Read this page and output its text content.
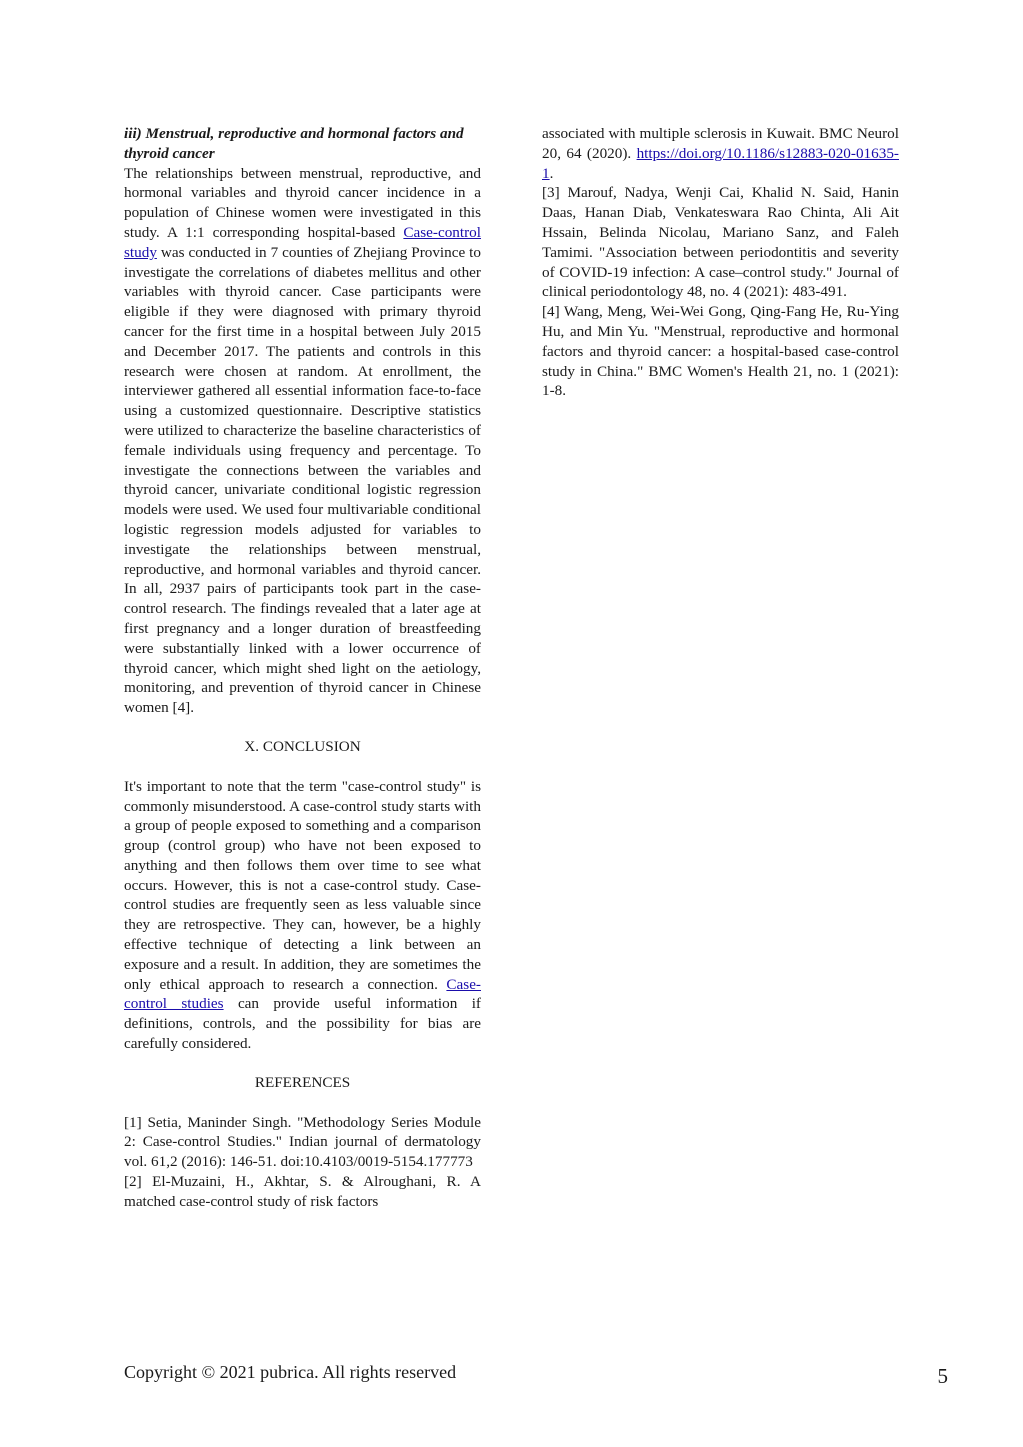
iii) Menstrual, reproductive and hormonal factors and thyroid cancer

The relationships between menstrual, reproductive, and hormonal variables and thyroid cancer incidence in a population of Chinese women were investigated in this study. A 1:1 corresponding hospital-based Case-control study was conducted in 7 counties of Zhejiang Province to investigate the correlations of diabetes mellitus and other variables with thyroid cancer. Case participants were eligible if they were diagnosed with primary thyroid cancer for the first time in a hospital between July 2015 and December 2017. The patients and controls in this research were chosen at random. At enrollment, the interviewer gathered all essential information face-to-face using a customized questionnaire. Descriptive statistics were utilized to characterize the baseline characteristics of female individuals using frequency and percentage. To investigate the connections between the variables and thyroid cancer, univariate conditional logistic regression models were used. We used four multivariable conditional logistic regression models adjusted for variables to investigate the relationships between menstrual, reproductive, and hormonal variables and thyroid cancer. In all, 2937 pairs of participants took part in the case-control research. The findings revealed that a later age at first pregnancy and a longer duration of breastfeeding were substantially linked with a lower occurrence of thyroid cancer, which might shed light on the aetiology, monitoring, and prevention of thyroid cancer in Chinese women [4].

X. CONCLUSION

It's important to note that the term "case-control study" is commonly misunderstood. A case-control study starts with a group of people exposed to something and a comparison group (control group) who have not been exposed to anything and then follows them over time to see what occurs. However, this is not a case-control study. Case-control studies are frequently seen as less valuable since they are retrospective. They can, however, be a highly effective technique of detecting a link between an exposure and a result. In addition, they are sometimes the only ethical approach to research a connection. Case-control studies can provide useful information if definitions, controls, and the possibility for bias are carefully considered.

REFERENCES

[1] Setia, Maninder Singh. "Methodology Series Module 2: Case-control Studies." Indian journal of dermatology vol. 61,2 (2016): 146-51. doi:10.4103/0019-5154.177773

[2] El-Muzaini, H., Akhtar, S. & Alroughani, R. A matched case-control study of risk factors

associated with multiple sclerosis in Kuwait. BMC Neurol 20, 64 (2020). https://doi.org/10.1186/s12883-020-01635-1.

[3] Marouf, Nadya, Wenji Cai, Khalid N. Said, Hanin Daas, Hanan Diab, Venkateswara Rao Chinta, Ali Ait Hssain, Belinda Nicolau, Mariano Sanz, and Faleh Tamimi. "Association between periodontitis and severity of COVID-19 infection: A case–control study." Journal of clinical periodontology 48, no. 4 (2021): 483-491.

[4] Wang, Meng, Wei-Wei Gong, Qing-Fang He, Ru-Ying Hu, and Min Yu. "Menstrual, reproductive and hormonal factors and thyroid cancer: a hospital-based case-control study in China." BMC Women's Health 21, no. 1 (2021): 1-8.

Copyright © 2021 pubrica. All rights reserved	5
